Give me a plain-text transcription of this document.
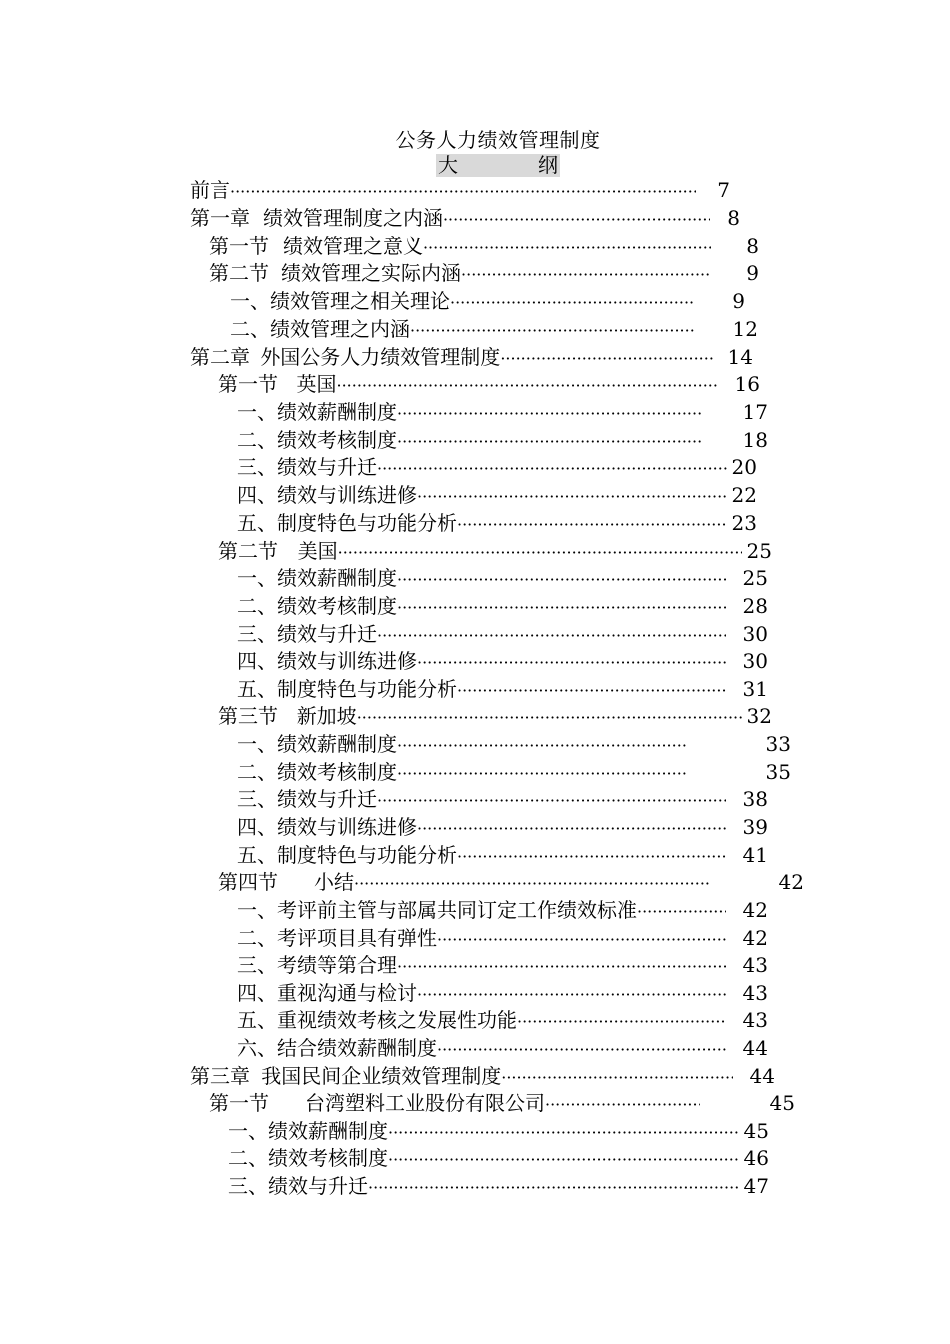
公务人力绩效管理制度
大	纲
前言 ·····	7
第一章 绩效管理制度之内涵 ·····	8
第一节 绩效管理之意义 ·····	8
第二节 绩效管理之实际内涵 ·····	9
一、绩效管理之相关理论 ·····	9
二、绩效管理之内涵 ·····	12
第二章 外国公务人力绩效管理制度 ·····	14
第一节 英国 ·····	16
一、绩效薪酬制度 ·····	17
二、绩效考核制度 ·····	18
三、绩效与升迁 ·····	20
四、绩效与训练进修 ·····	22
五、制度特色与功能分析 ·····	23
第二节 美国 ·····	25
一、绩效薪酬制度 ·····	25
二、绩效考核制度 ·····	28
三、绩效与升迁 ·····	30
四、绩效与训练进修 ·····	30
五、制度特色与功能分析 ·····	31
第三节 新加坡 ·····	32
一、绩效薪酬制度 ·····	33
二、绩效考核制度 ·····	35
三、绩效与升迁 ·····	38
四、绩效与训练进修 ·····	39
五、制度特色与功能分析 ·····	41
第四节 小结 ·····	42
一、考评前主管与部属共同订定工作绩效标准 ·····	42
二、考评项目具有弹性 ·····	42
三、考绩等第合理 ·····	43
四、重视沟通与检讨 ·····	43
五、重视绩效考核之发展性功能 ·····	43
六、结合绩效薪酬制度 ·····	44
第三章 我国民间企业绩效管理制度 ·····	44
第一节 台湾塑料工业股份有限公司 ·····	45
一、绩效薪酬制度 ·····	45
二、绩效考核制度 ·····	46
三、绩效与升迁 ·····	47
